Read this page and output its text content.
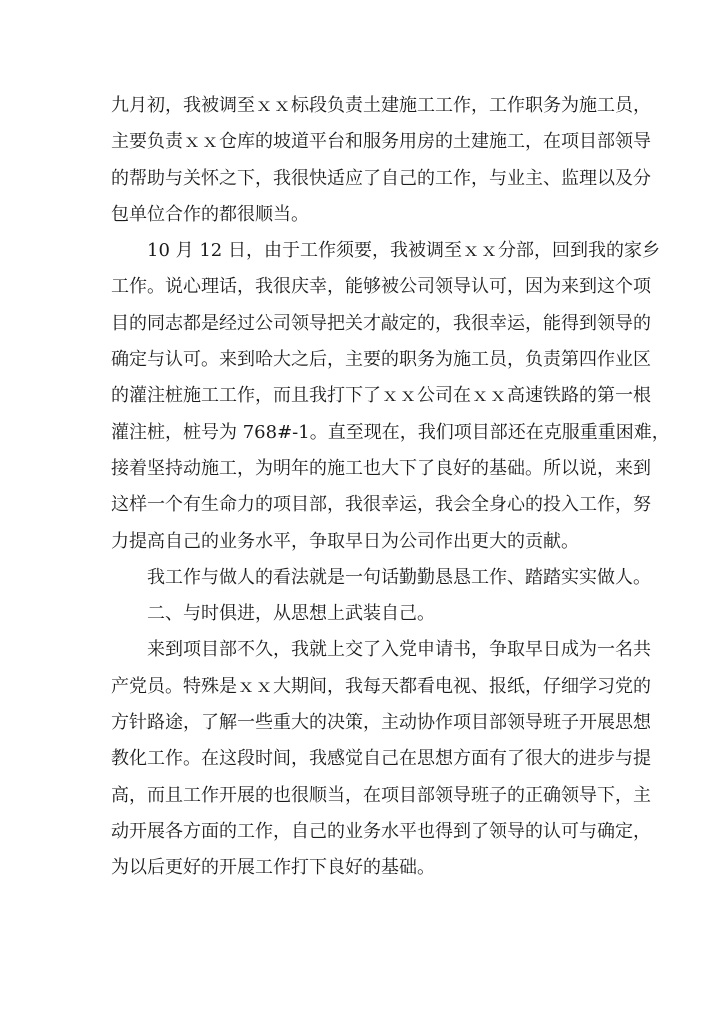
九月初，我被调至ｘｘ标段负责土建施工工作，工作职务为施工员，
主要负责ｘｘ仓库的坡道平台和服务用房的土建施工，在项目部领导
的帮助与关怀之下，我很快适应了自己的工作，与业主、监理以及分
包单位合作的都很顺当。
10 月 12 日，由于工作须要，我被调至ｘｘ分部，回到我的家乡
工作。说心理话，我很庆幸，能够被公司领导认可，因为来到这个项
目的同志都是经过公司领导把关才敲定的，我很幸运，能得到领导的
确定与认可。来到哈大之后，主要的职务为施工员，负责第四作业区
的灌注桩施工工作，而且我打下了ｘｘ公司在ｘｘ高速铁路的第一根
灌注桩，桩号为 768#-1。直至现在，我们项目部还在克服重重困难，
接着坚持动施工，为明年的施工也大下了良好的基础。所以说，来到
这样一个有生命力的项目部，我很幸运，我会全身心的投入工作，努
力提高自己的业务水平，争取早日为公司作出更大的贡献。
我工作与做人的看法就是一句话勤勤恳恳工作、踏踏实实做人。
二、与时俱进，从思想上武装自己。
来到项目部不久，我就上交了入党申请书，争取早日成为一名共
产党员。特殊是ｘｘ大期间，我每天都看电视、报纸，仔细学习党的
方针路途，了解一些重大的决策，主动协作项目部领导班子开展思想
教化工作。在这段时间，我感觉自己在思想方面有了很大的进步与提
高，而且工作开展的也很顺当，在项目部领导班子的正确领导下，主
动开展各方面的工作，自己的业务水平也得到了领导的认可与确定，
为以后更好的开展工作打下良好的基础。
